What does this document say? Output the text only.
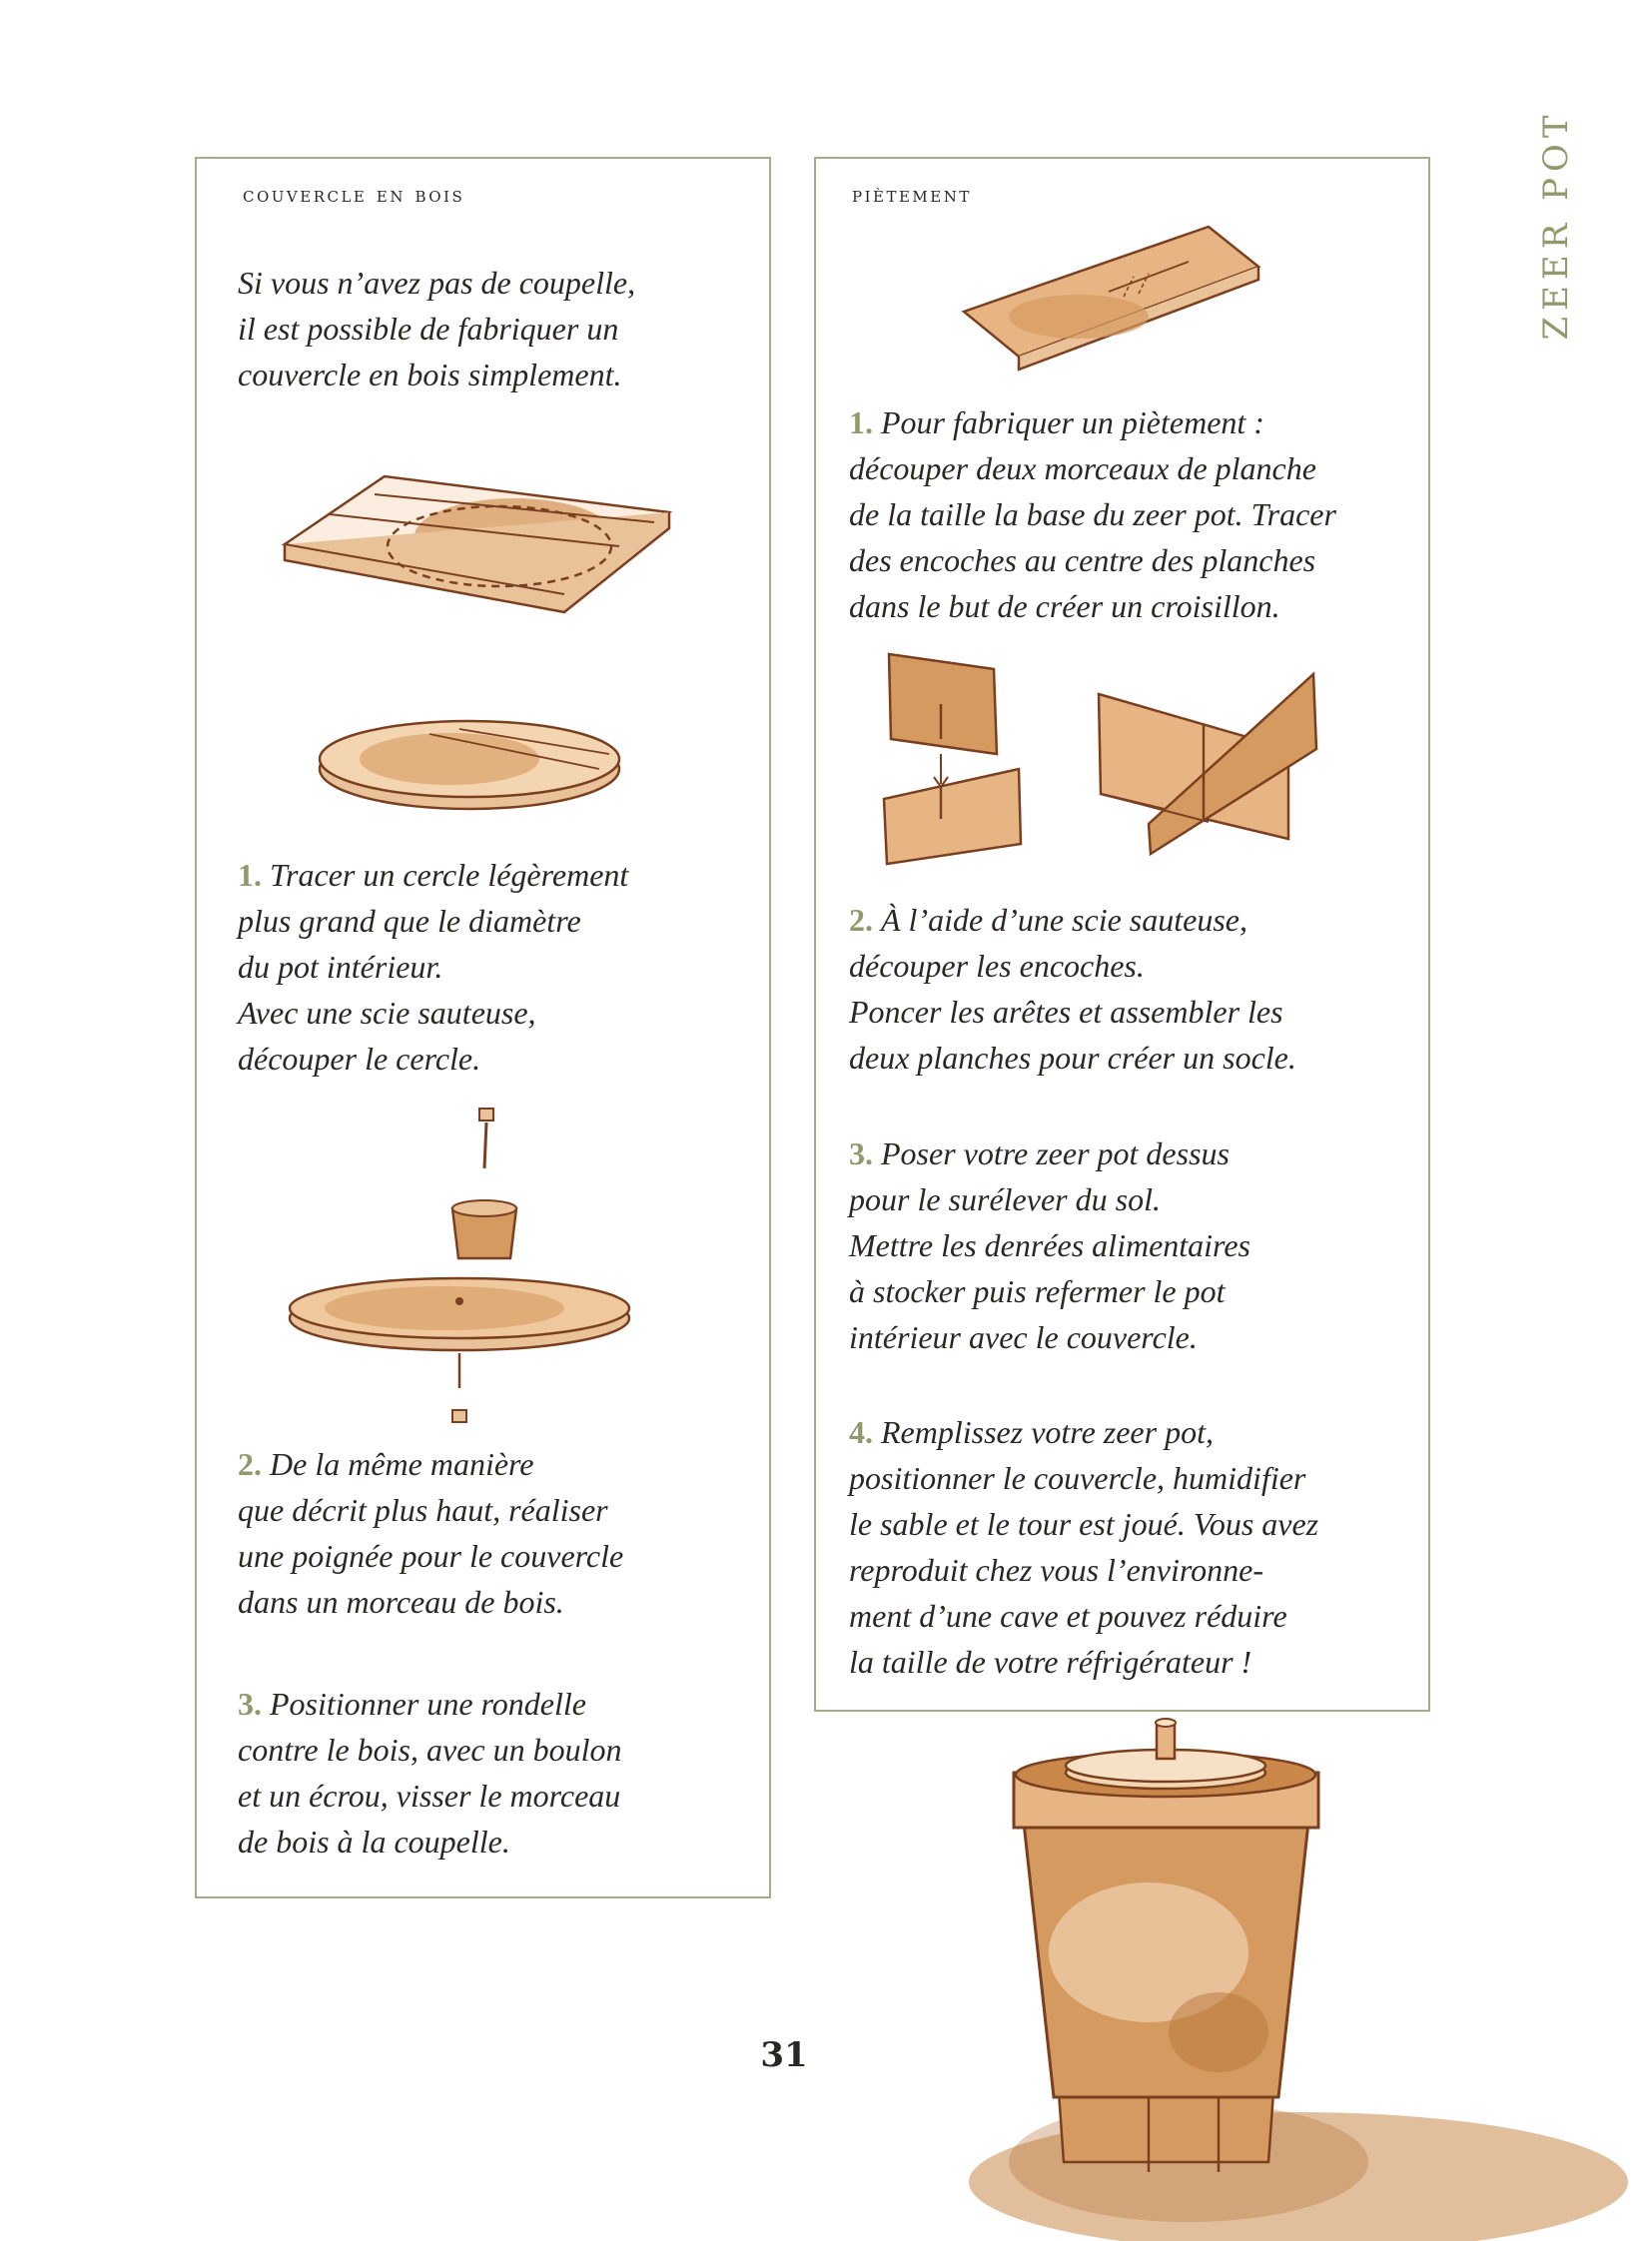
ZEER POT
couvercle en bois

Si vous n’avez pas de coupelle,
il est possible de fabriquer un
couvercle en bois simplement.

1. Tracer un cercle légèrement
plus grand que le diamètre
du pot intérieur.
Avec une scie sauteuse,
découper le cercle.

2. De la même manière
que décrit plus haut, réaliser
une poignée pour le couvercle
dans un morceau de bois.

3. Positionner une rondelle
contre le bois, avec un boulon
et un écrou, visser le morceau
de bois à la coupelle.

piètement

1. Pour fabriquer un piètement :
découper deux morceaux de planche
de la taille la base du zeer pot. Tracer
des encoches au centre des planches
dans le but de créer un croisillon.

2. À l’aide d’une scie sauteuse,
découper les encoches.
Poncer les arêtes et assembler les
deux planches pour créer un socle.

3. Poser votre zeer pot dessus
pour le surélever du sol.
Mettre les denrées alimentaires
à stocker puis refermer le pot
intérieur avec le couvercle.

4. Remplissez votre zeer pot,
positionner le couvercle, humidifier
le sable et le tour est joué. Vous avez
reproduit chez vous l’environne-
ment d’une cave et pouvez réduire
la taille de votre réfrigérateur !

31
